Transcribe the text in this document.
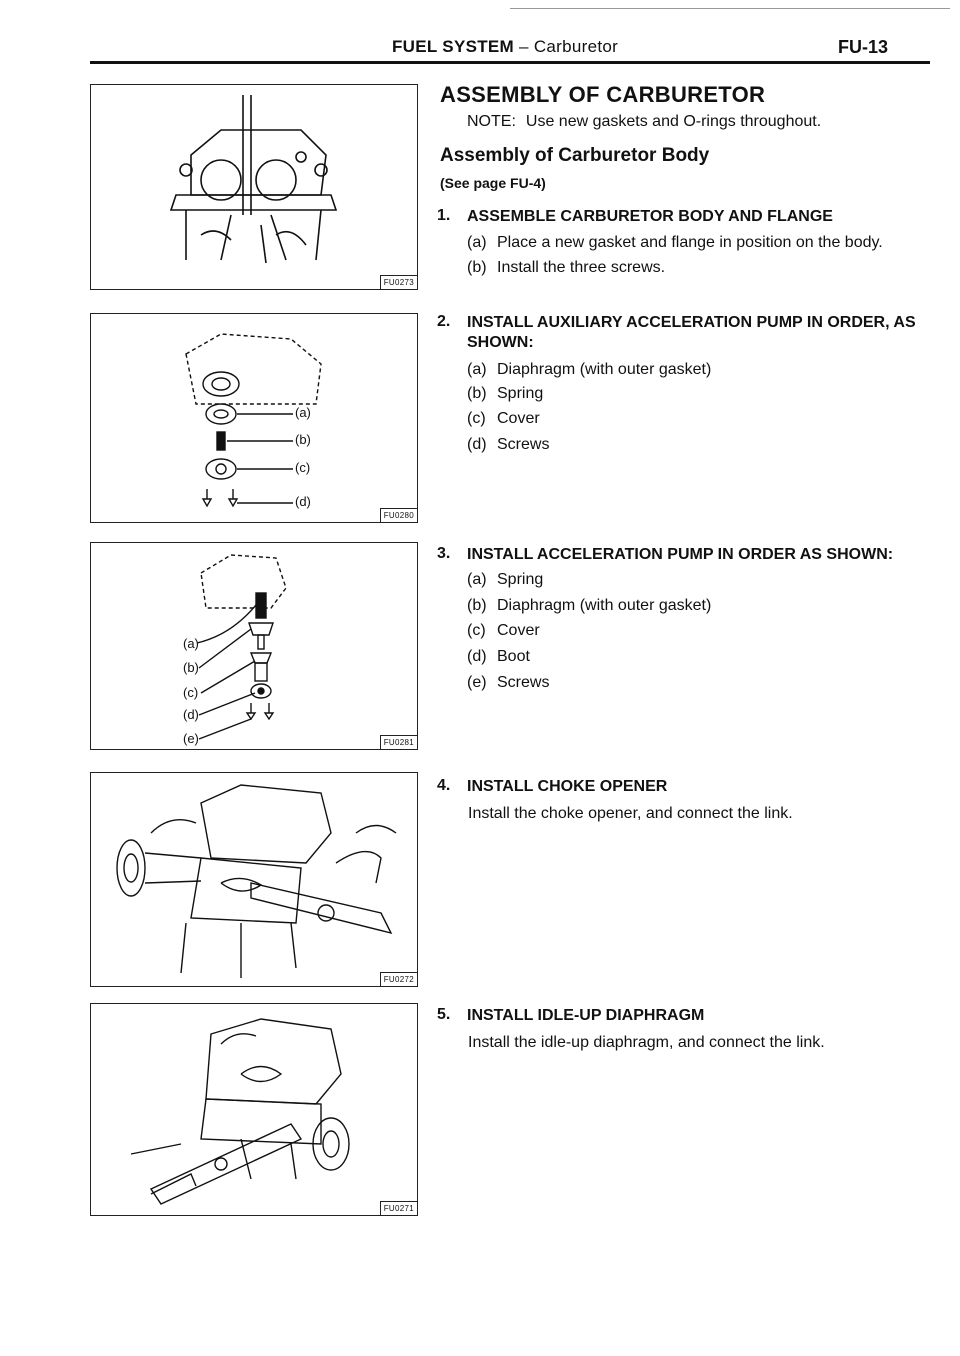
FUEL SYSTEM – Carburetor	FU-13
FU0273
(a)
(b)
(c)
(d)
FU0280
(a)
(b)
(c)
(d)
(e)	FU0281
FU0272
FU0271
ASSEMBLY OF CARBURETOR
NOTE: Use new gaskets and O-rings throughout.
Assembly of Carburetor Body
(See page FU-4)
1. ASSEMBLE CARBURETOR BODY AND FLANGE
(a) Place a new gasket and flange in position on the body.
(b) Install the three screws.
2. INSTALL AUXILIARY ACCELERATION PUMP IN ORDER, AS SHOWN:
(a) Diaphragm (with outer gasket)
(b) Spring
(c) Cover
(d) Screws
3. INSTALL ACCELERATION PUMP IN ORDER AS SHOWN:
(a) Spring
(b) Diaphragm (with outer gasket)
(c) Cover
(d) Boot
(e) Screws
4. INSTALL CHOKE OPENER
Install the choke opener, and connect the link.
5. INSTALL IDLE-UP DIAPHRAGM
Install the idle-up diaphragm, and connect the link.
